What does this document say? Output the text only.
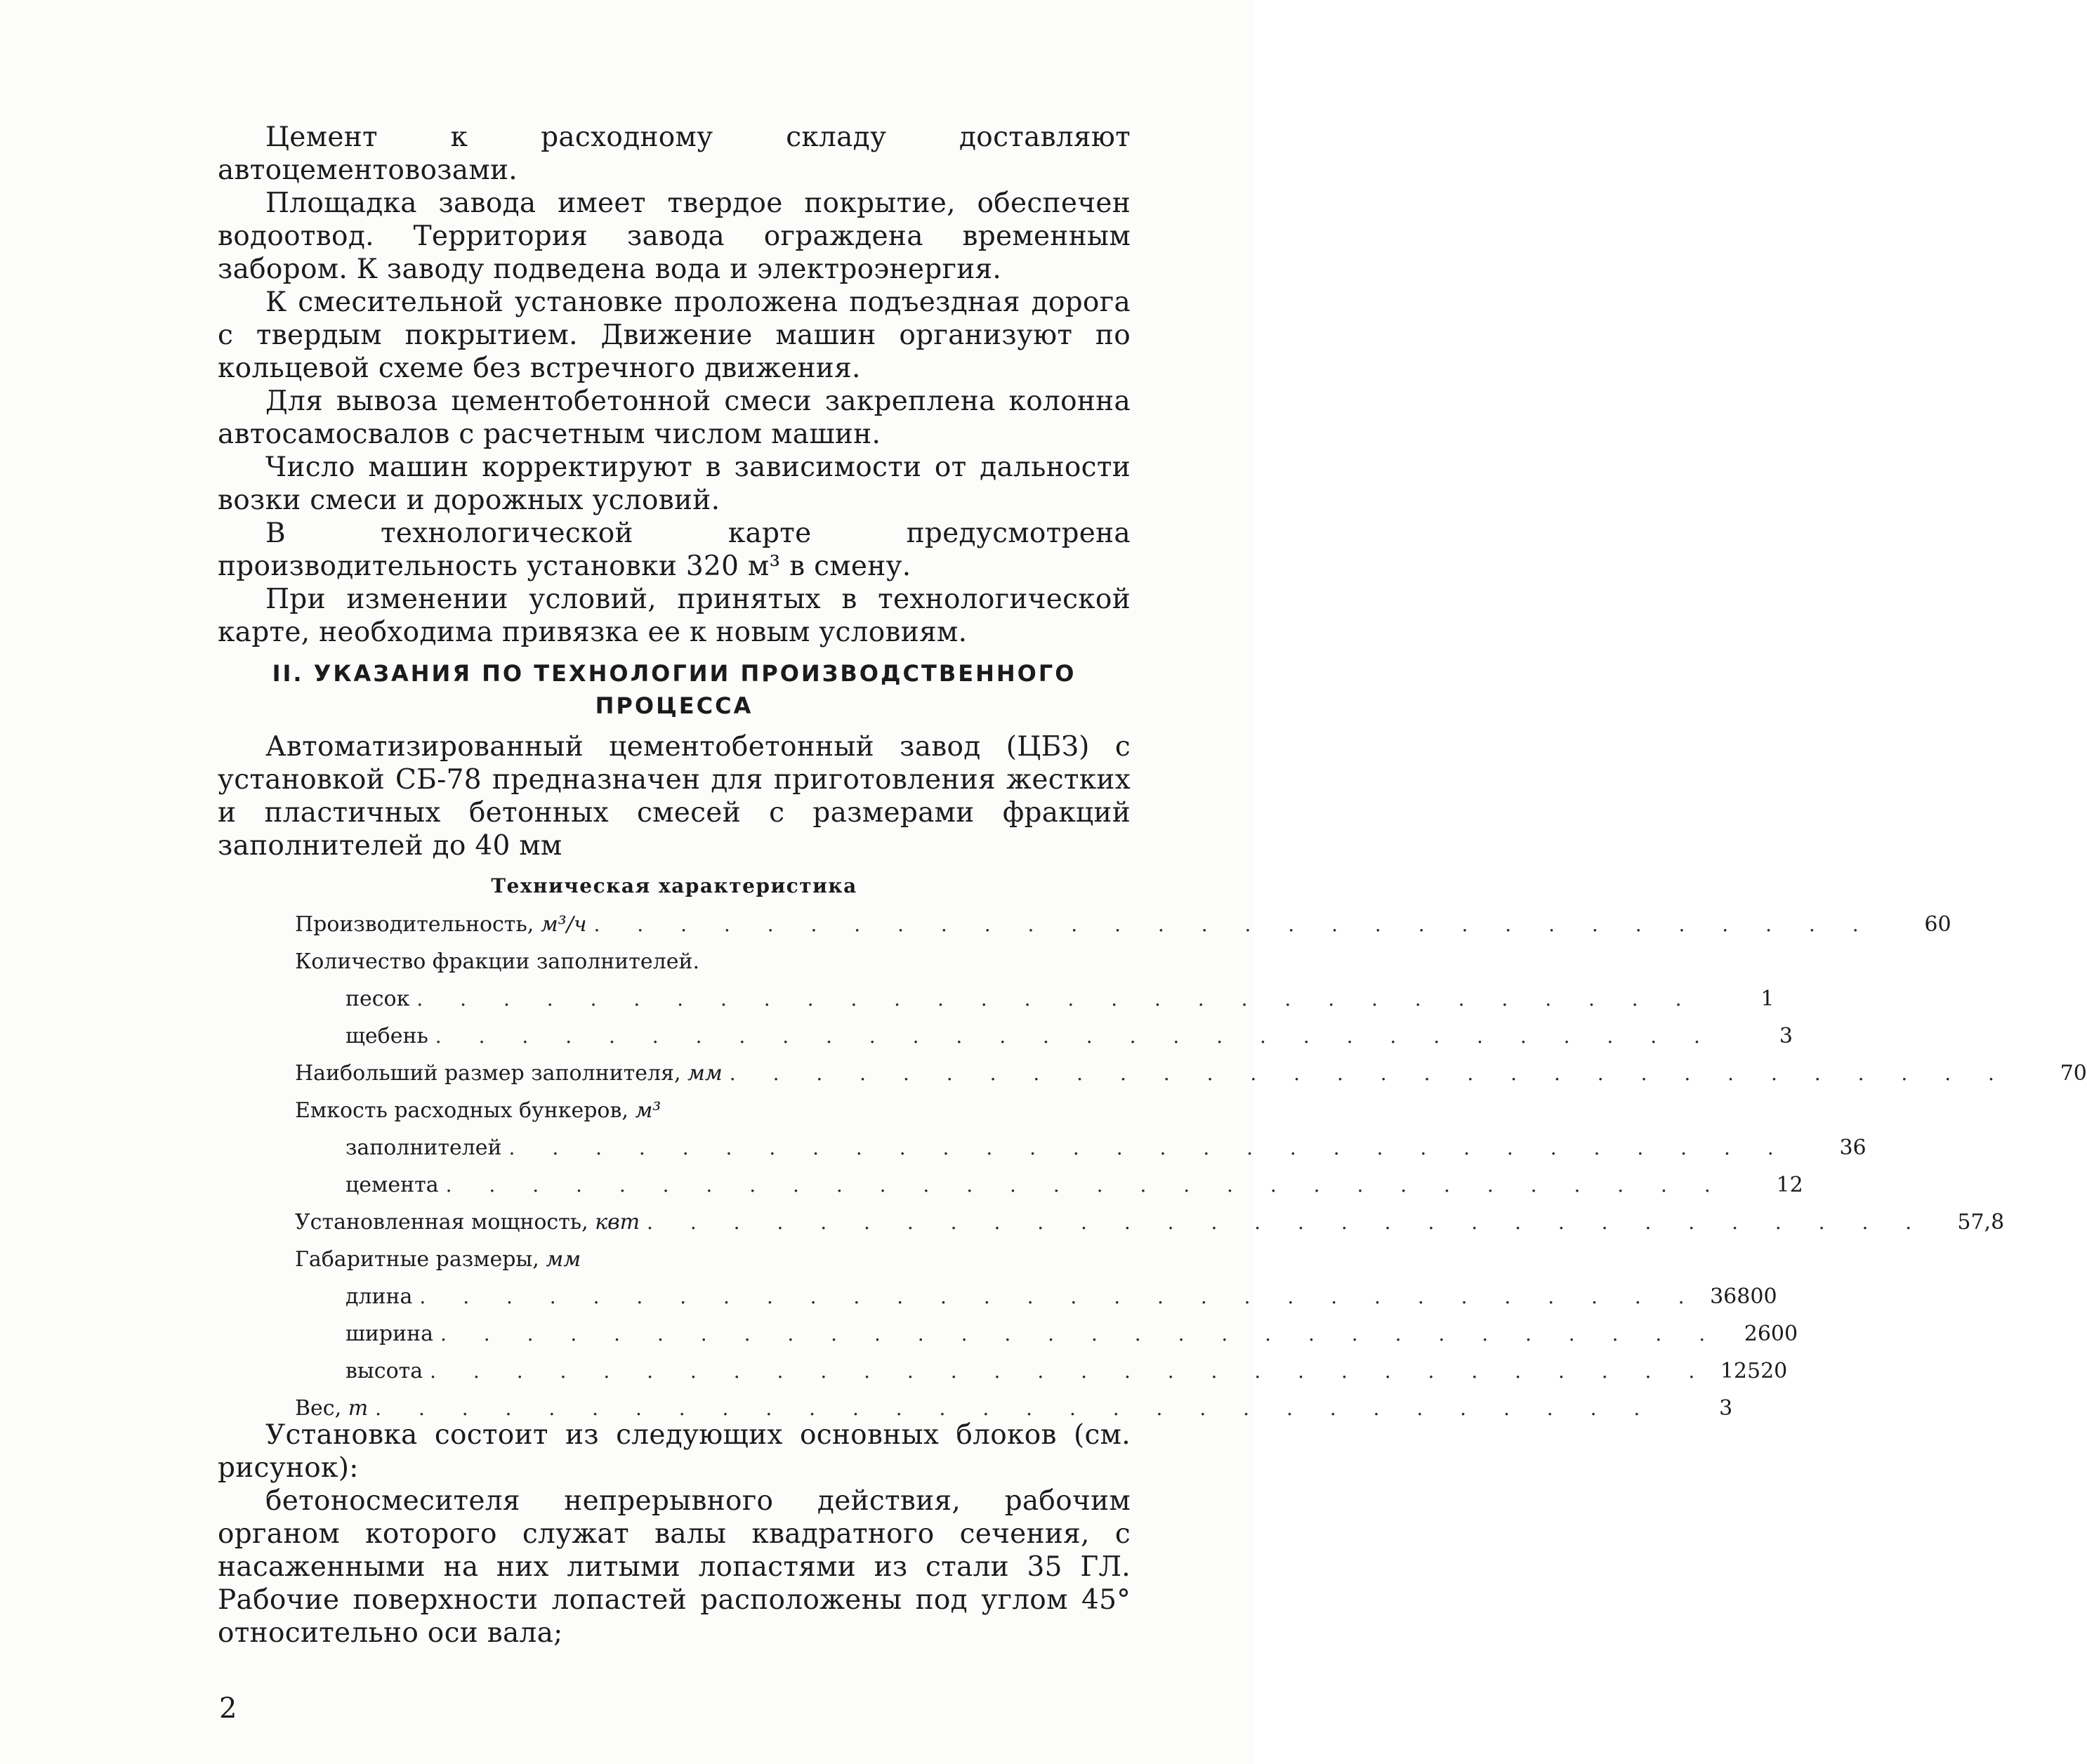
Цемент к расходному складу доставляют автоцементовозами.

Площадка завода имеет твердое покрытие, обеспечен водоотвод. Территория завода ограждена временным забором. К заводу подведена вода и электроэнергия.

К смесительной установке проложена подъездная дорога с твердым покрытием. Движение машин организуют по кольцевой схеме без встречного движения.

Для вывоза цементобетонной смеси закреплена колонна автосамосвалов с расчетным числом машин.

Число машин корректируют в зависимости от дальности возки смеси и дорожных условий.

В технологической карте предусмотрена производительность установки 320 м³ в смену.

При изменении условий, принятых в технологической карте, необходима привязка ее к новым условиям.

II. УКАЗАНИЯ ПО ТЕХНОЛОГИИ ПРОИЗВОДСТВЕННОГО
ПРОЦЕССА

Автоматизированный цементобетонный завод (ЦБЗ) с установкой СБ-78 предназначен для приготовления жестких и пластичных бетонных смесей с размерами фракций заполнителей до 40 мм

Техническая характеристика
Производительность, м³/ч . . . . . . . . . . . . . . . . . . . . . . . . . . . . . .	60
Количество фракции заполнителей.
песок . . . . . . . . . . . . . . . . . . . . . . . . . . . . . .	1
щебень . . . . . . . . . . . . . . . . . . . . . . . . . . . . . .	3
Наибольший размер заполнителя, мм . . . . . . . . . . . . . . . . . . . . . . . . . . . . . .	70
Емкость расходных бункеров, м³
заполнителей . . . . . . . . . . . . . . . . . . . . . . . . . . . . . .	36
цемента . . . . . . . . . . . . . . . . . . . . . . . . . . . . . .	12
Установленная мощность, квт . . . . . . . . . . . . . . . . . . . . . . . . . . . . . .	57,8
Габаритные размеры, мм
длина . . . . . . . . . . . . . . . . . . . . . . . . . . . . . . 36800
ширина . . . . . . . . . . . . . . . . . . . . . . . . . . . . . .	2600
высота . . . . . . . . . . . . . . . . . . . . . . . . . . . . . . 12520
Вес, т . . . . . . . . . . . . . . . . . . . . . . . . . . . . . .	3

Установка состоит из следующих основных блоков (см. рисунок):

бетоносмесителя непрерывного действия, рабочим органом которого служат валы квадратного сечения, с насаженными на них литыми лопастями из стали 35 ГЛ. Рабочие поверхности лопастей расположены под углом 45° относительно оси вала;

2
